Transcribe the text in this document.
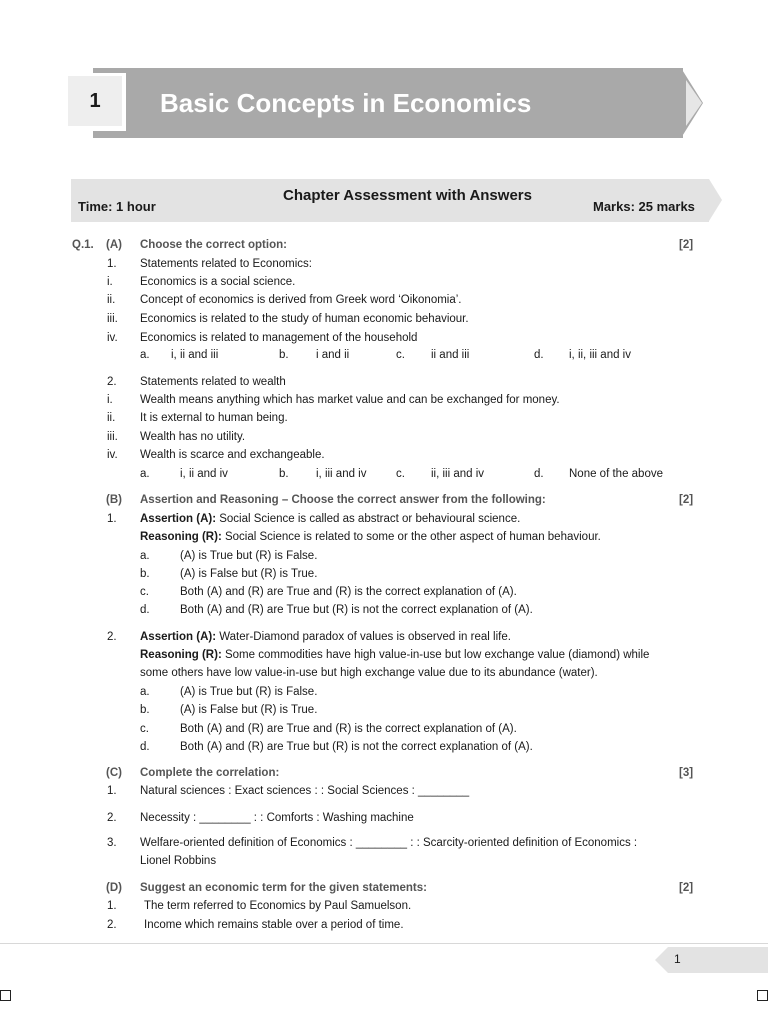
1	Basic Concepts in Economics
Chapter Assessment with Answers
Time: 1 hour	Marks: 25 marks
Q.1. (A) Choose the correct option:	[2]
1. Statements related to Economics:
i. Economics is a social science.
ii. Concept of economics is derived from Greek word ‘Oikonomia’.
iii. Economics is related to the study of human economic behaviour.
iv. Economics is related to management of the household
a. i, ii and iii	b. i and ii	c. ii and iii	d. i, ii, iii and iv
2. Statements related to wealth
i. Wealth means anything which has market value and can be exchanged for money.
ii. It is external to human being.
iii. Wealth has no utility.
iv. Wealth is scarce and exchangeable.
a.	i, ii and iv	b. i, iii and iv	c. ii, iii and iv	d. None of the above
(B) Assertion and Reasoning – Choose the correct answer from the following:	[2]
1. Assertion (A): Social Science is called as abstract or behavioural science.
Reasoning (R): Social Science is related to some or the other aspect of human behaviour.
a.	(A) is True but (R) is False.
b.	(A) is False but (R) is True.
c.	Both (A) and (R) are True and (R) is the correct explanation of (A).
d.	Both (A) and (R) are True but (R) is not the correct explanation of (A).
2. Assertion (A): Water-Diamond paradox of values is observed in real life.
Reasoning (R): Some commodities have high value-in-use but low exchange value (diamond) while
some others have low value-in-use but high exchange value due to its abundance (water).
a.	(A) is True but (R) is False.
b.	(A) is False but (R) is True.
c.	Both (A) and (R) are True and (R) is the correct explanation of (A).
d.	Both (A) and (R) are True but (R) is not the correct explanation of (A).
(C) Complete the correlation:	[3]
1. Natural sciences : Exact sciences : : Social Sciences : ________
2. Necessity : ________ : : Comforts : Washing machine
3. Welfare-oriented definition of Economics : ________ : : Scarcity-oriented definition of Economics :
Lionel Robbins
(D) Suggest an economic term for the given statements:	[2]
1. The term referred to Economics by Paul Samuelson.
2. Income which remains stable over a period of time.
1
